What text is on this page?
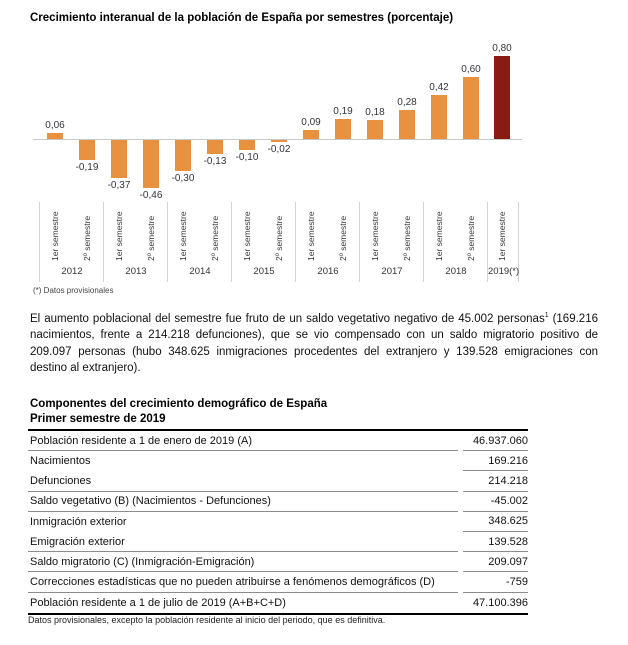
Crecimiento interanual de la población de España por semestres (porcentaje)
2012
0,06
1er semestre
-0,19
2º semestre
2013
-0,37
1er semestre
-0,46
2º semestre
2014
-0,30
1er semestre
-0,13
2º semestre
2015
-0,10
1er semestre
-0,02
2º semestre
2016
0,09
1er semestre
0,19
2º semestre
2017
0,18
1er semestre
0,28
2º semestre
2018
0,42
1er semestre
0,60
2º semestre
2019(*)
0,80
1er semestre
(*) Datos provisionales

El aumento poblacional del semestre fue fruto de un saldo vegetativo negativo de 45.002 personas$^1$ (169.216 nacimientos, frente a 214.218 defunciones), que se vio compensado con un saldo migratorio positivo de 209.097 personas (hubo 348.625 inmigraciones procedentes del extranjero y 139.528 emigraciones con destino al extranjero).

Componentes del crecimiento demográfico de España
Primer semestre de 2019
Población residente a 1 de enero de 2019 (A)	46.937.060
Nacimientos	169.216
Defunciones	214.218
Saldo vegetativo (B) (Nacimientos - Defunciones)	-45.002
Inmigración exterior	348.625
Emigración exterior	139.528
Saldo migratorio (C) (Inmigración-Emigración)	209.097
Correcciones estadísticas que no pueden atribuirse a fenómenos demográficos (D)	-759
Población residente a 1 de julio de 2019 (A+B+C+D)	47.100.396
Datos provisionales, excepto la población residente al inicio del periodo, que es definitiva.
